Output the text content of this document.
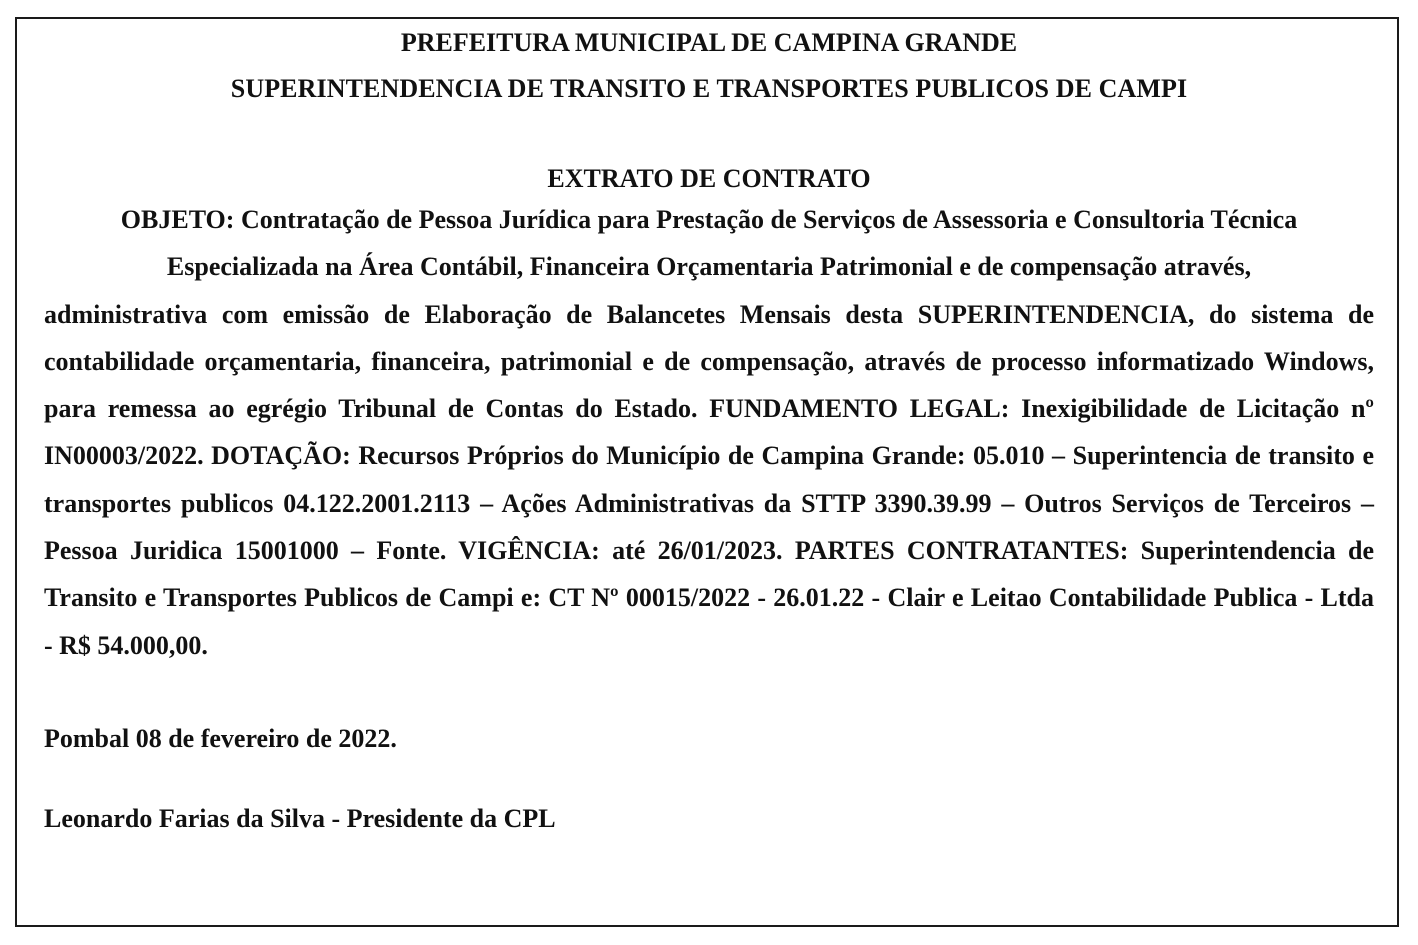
PREFEITURA MUNICIPAL DE CAMPINA GRANDE
SUPERINTENDENCIA DE TRANSITO E TRANSPORTES PUBLICOS DE CAMPI
EXTRATO DE CONTRATO
OBJETO: Contratação de Pessoa Jurídica para Prestação de Serviços de Assessoria e Consultoria Técnica
Especializada na Área Contábil, Financeira Orçamentaria Patrimonial e de compensação através,

administrativa com emissão de Elaboração de Balancetes Mensais desta SUPERINTENDENCIA, do sistema de contabilidade orçamentaria, financeira, patrimonial e de compensação, através de processo informatizado Windows, para remessa ao egrégio Tribunal de Contas do Estado. FUNDAMENTO LEGAL: Inexigibilidade de Licitação nº IN00003/2022. DOTAÇÃO: Recursos Próprios do Município de Campina Grande: 05.010 – Superintencia de transito e transportes publicos 04.122.2001.2113 – Ações Administrativas da STTP 3390.39.99 – Outros Serviços de Terceiros – Pessoa Juridica 15001000 – Fonte. VIGÊNCIA: até 26/01/2023. PARTES CONTRATANTES: Superintendencia de Transito e Transportes Publicos de Campi e: CT Nº 00015/2022 - 26.01.22 - Clair e Leitao Contabilidade Publica - Ltda - R$ 54.000,00.

Pombal 08 de fevereiro de 2022.
Leonardo Farias da Silva - Presidente da CPL
